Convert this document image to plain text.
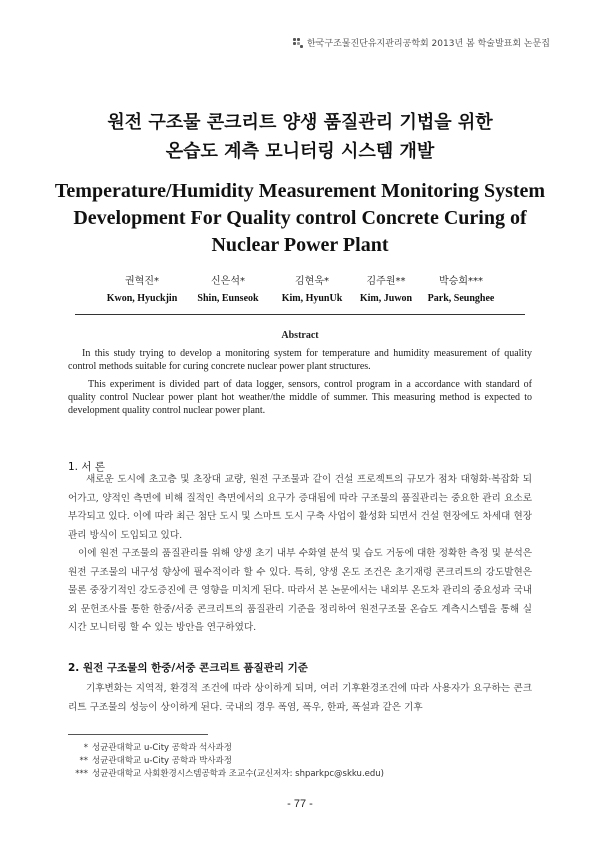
한국구조물진단유지관리공학회 2013년 봄 학술발표회 논문집
원전 구조물 콘크리트 양생 품질관리 기법을 위한
온습도 계측 모니터링 시스템 개발
Temperature/Humidity Measurement Monitoring System
Development For Quality control Concrete Curing of
Nuclear Power Plant
권혁진*
Kwon, Hyuckjin
신은석*
Shin, Eunseok
김현욱*
Kim, HyunUk
김주원**
Kim, Juwon
박승희***
Park, Seunghee
Abstract
In this study trying to develop a monitoring system for temperature and humidity measurement of quality control methods suitable for curing concrete nuclear power plant structures.
This experiment is divided part of data logger, sensors, control program in a accordance with standard of quality control Nuclear power plant hot weather/the middle of summer. This measuring method is expected to development quality control nuclear power plant.
1. 서 론
새로운 도시에 초고층 및 초장대 교량, 원전 구조물과 같이 건설 프로젝트의 규모가 점차 대형화·복잡화 되어가고, 양적인 측면에 비해 질적인 측면에서의 요구가 증대됨에 따라 구조물의 품질관리는 중요한 관리 요소로 부각되고 있다. 이에 따라 최근 첨단 도시 및 스마트 도시 구축 사업이 활성화 되면서 건설 현장에도 차세대 현장관리 방식이 도입되고 있다.
이에 원전 구조물의 품질관리를 위해 양생 초기 내부 수화열 분석 및 습도 거동에 대한 정확한 측정 및 분석은 원전 구조물의 내구성 향상에 필수적이라 할 수 있다. 특히, 양생 온도 조건은 초기재령 콘크리트의 강도발현은 물론 중장기적인 강도증진에 큰 영향을 미치게 된다. 따라서 본 논문에서는 내외부 온도차 관리의 중요성과 국내외 문헌조사를 통한 한중/서중 콘크리트의 품질관리 기준을 정리하여 원전구조물 온습도 계측시스템을 통해 실시간 모니터링 할 수 있는 방안을 연구하였다.
2. 원전 구조물의 한중/서중 콘크리트 품질관리 기준
기후변화는 지역적, 환경적 조건에 따라 상이하게 되며, 여러 기후환경조건에 따라 사용자가 요구하는 콘크리트 구조물의 성능이 상이하게 된다. 국내의 경우 폭염, 폭우, 한파, 폭설과 같은 기후
* 성균관대학교 u-City 공학과 석사과정
** 성균관대학교 u-City 공학과 박사과정
*** 성균관대학교 사회환경시스템공학과 조교수(교신저자: shparkpc@skku.edu)
- 77 -
